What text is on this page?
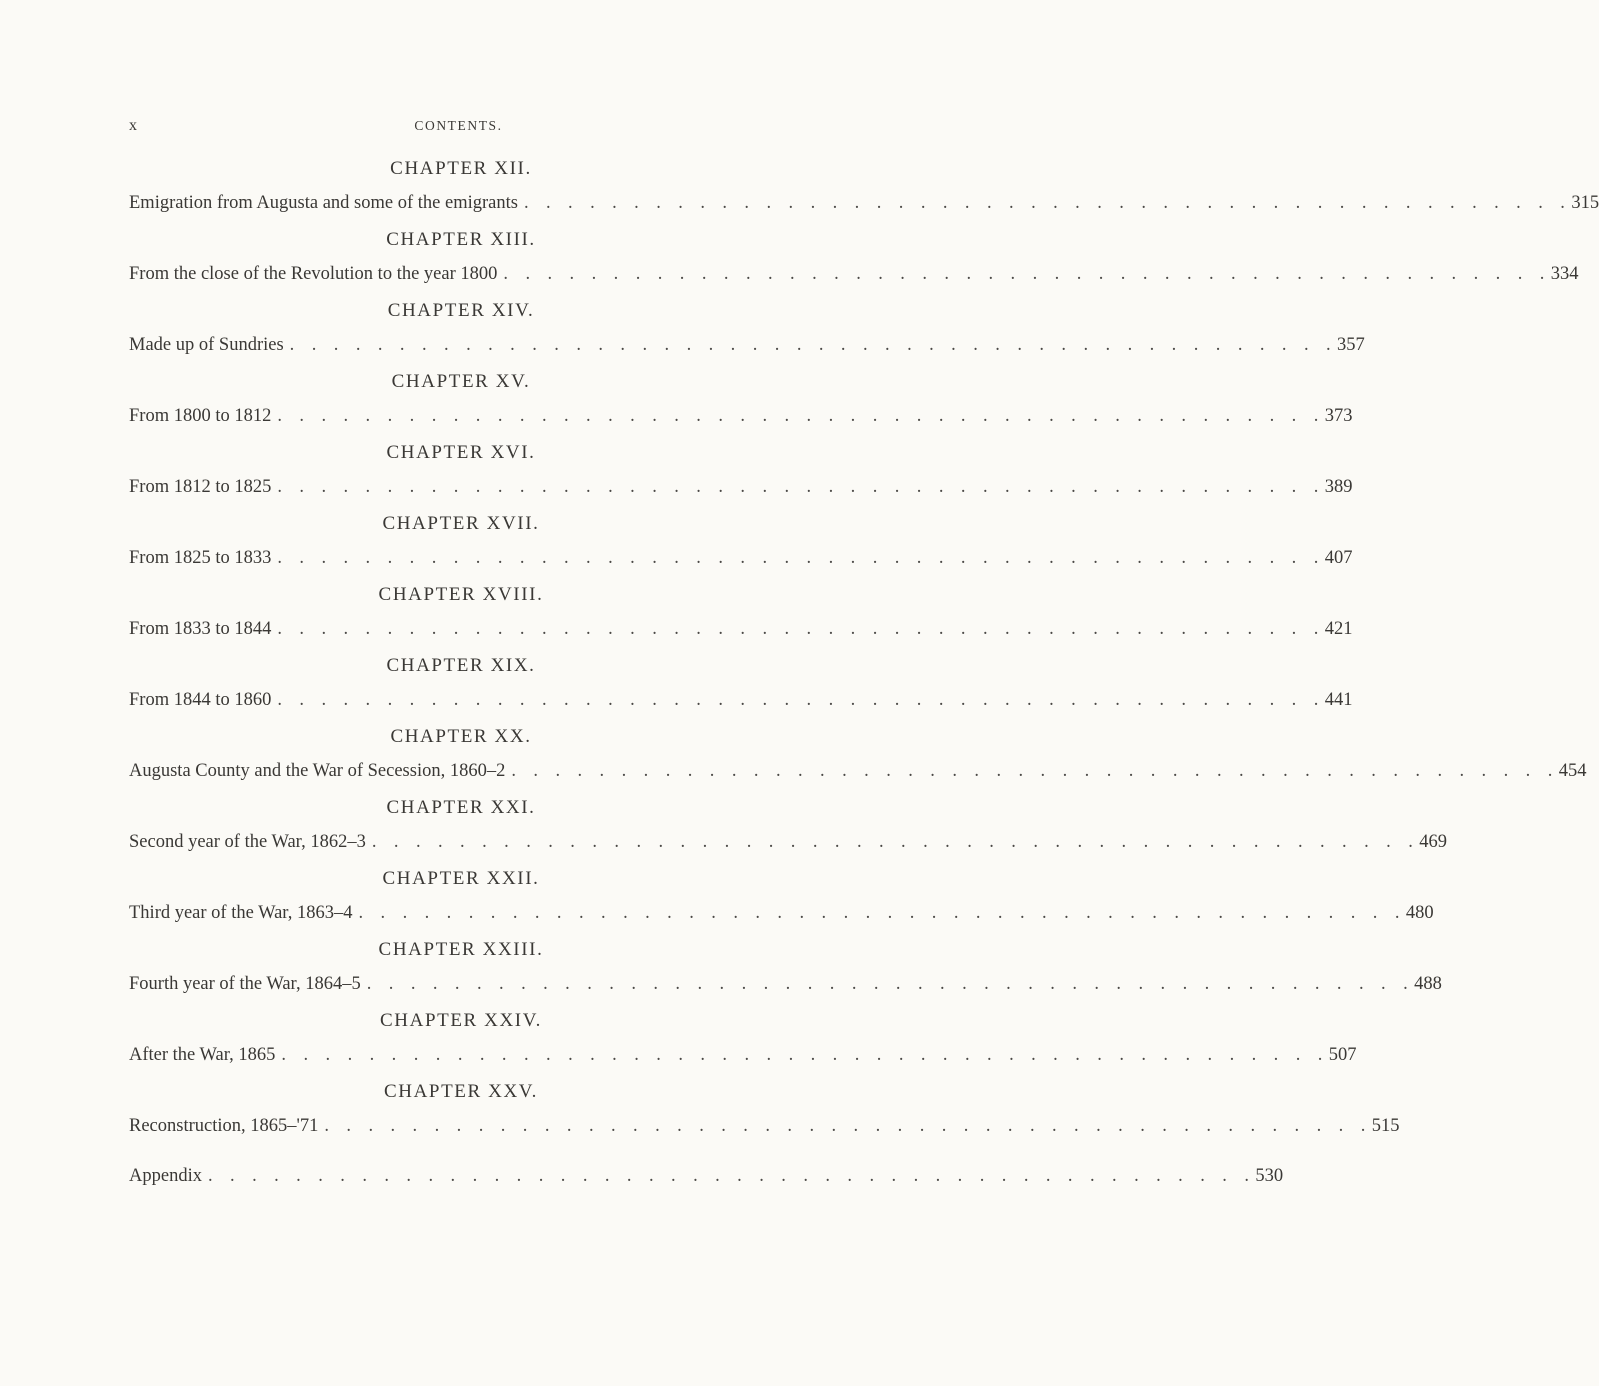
x	CONTENTS.
CHAPTER XII.
Emigration from Augusta and some of the emigrants . . . . . . . . . . . . . . . . . . . . . . . . . . . . . . . . . . . . . . . . . . . . . . . . 315
CHAPTER XIII.
From the close of the Revolution to the year 1800 . . . . . . . . . . . . . . . . . . . . . . . . . . . . . . . . . . . . . . . . . . . . . . . . 334
CHAPTER XIV.
Made up of Sundries . . . . . . . . . . . . . . . . . . . . . . . . . . . . . . . . . . . . . . . . . . . . . . . . 357
CHAPTER XV.
From 1800 to 1812 . . . . . . . . . . . . . . . . . . . . . . . . . . . . . . . . . . . . . . . . . . . . . . . . 373
CHAPTER XVI.
From 1812 to 1825 . . . . . . . . . . . . . . . . . . . . . . . . . . . . . . . . . . . . . . . . . . . . . . . . 389
CHAPTER XVII.
From 1825 to 1833 . . . . . . . . . . . . . . . . . . . . . . . . . . . . . . . . . . . . . . . . . . . . . . . . 407
CHAPTER XVIII.
From 1833 to 1844 . . . . . . . . . . . . . . . . . . . . . . . . . . . . . . . . . . . . . . . . . . . . . . . . 421
CHAPTER XIX.
From 1844 to 1860 . . . . . . . . . . . . . . . . . . . . . . . . . . . . . . . . . . . . . . . . . . . . . . . . 441
CHAPTER XX.
Augusta County and the War of Secession, 1860–2 . . . . . . . . . . . . . . . . . . . . . . . . . . . . . . . . . . . . . . . . . . . . . . . . 454
CHAPTER XXI.
Second year of the War, 1862–3 . . . . . . . . . . . . . . . . . . . . . . . . . . . . . . . . . . . . . . . . . . . . . . . . 469
CHAPTER XXII.
Third year of the War, 1863–4 . . . . . . . . . . . . . . . . . . . . . . . . . . . . . . . . . . . . . . . . . . . . . . . . 480
CHAPTER XXIII.
Fourth year of the War, 1864–5 . . . . . . . . . . . . . . . . . . . . . . . . . . . . . . . . . . . . . . . . . . . . . . . . 488
CHAPTER XXIV.
After the War, 1865 . . . . . . . . . . . . . . . . . . . . . . . . . . . . . . . . . . . . . . . . . . . . . . . . 507
CHAPTER XXV.
Reconstruction, 1865–'71 . . . . . . . . . . . . . . . . . . . . . . . . . . . . . . . . . . . . . . . . . . . . . . . . 515
Appendix . . . . . . . . . . . . . . . . . . . . . . . . . . . . . . . . . . . . . . . . . . . . . . . . 530
